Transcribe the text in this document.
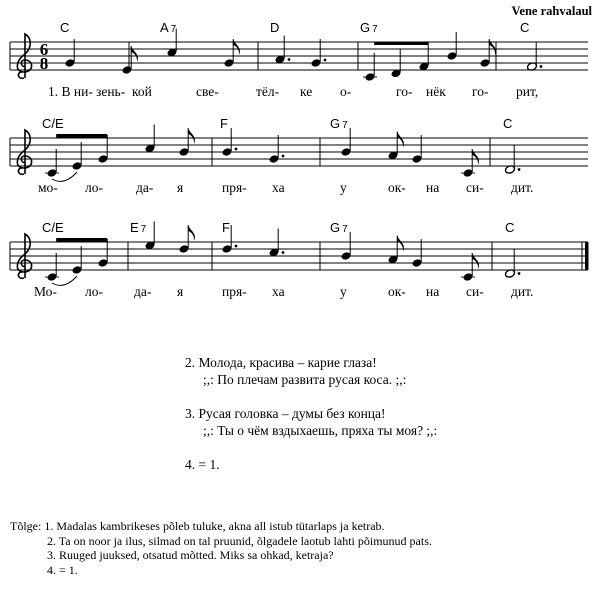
Vene rahvalaul
6
8
C	A 7	D	G 7	C
1. В ни- зень- кой	све-	тёл- ке о-	го- нёк го- рит,
C/E	F	G 7	C
мо- ло- да- я	пря- ха	у	ок- на си- дит.
C/E	E 7	F	G 7	C
Мо- ло- да- я	пря- ха	у	ок- на си- дит.
2. Молода, красива – карие глаза!
;,: По плечам развита русая коса. ;,:
3. Русая головка – думы без конца!
;,: Ты о чём вздыхаешь, пряха ты моя? ;,:
4. = 1.
Tõlge: 1. Madalas kambrikeses põleb tuluke, akna all istub tütarlaps ja ketrab.
2. Ta on noor ja ilus, silmad on tal pruunid, õlgadele laotub lahti põimunud pats.
3. Ruuged juuksed, otsatud mõtted. Miks sa ohkad, ketraja?
4. = 1.
